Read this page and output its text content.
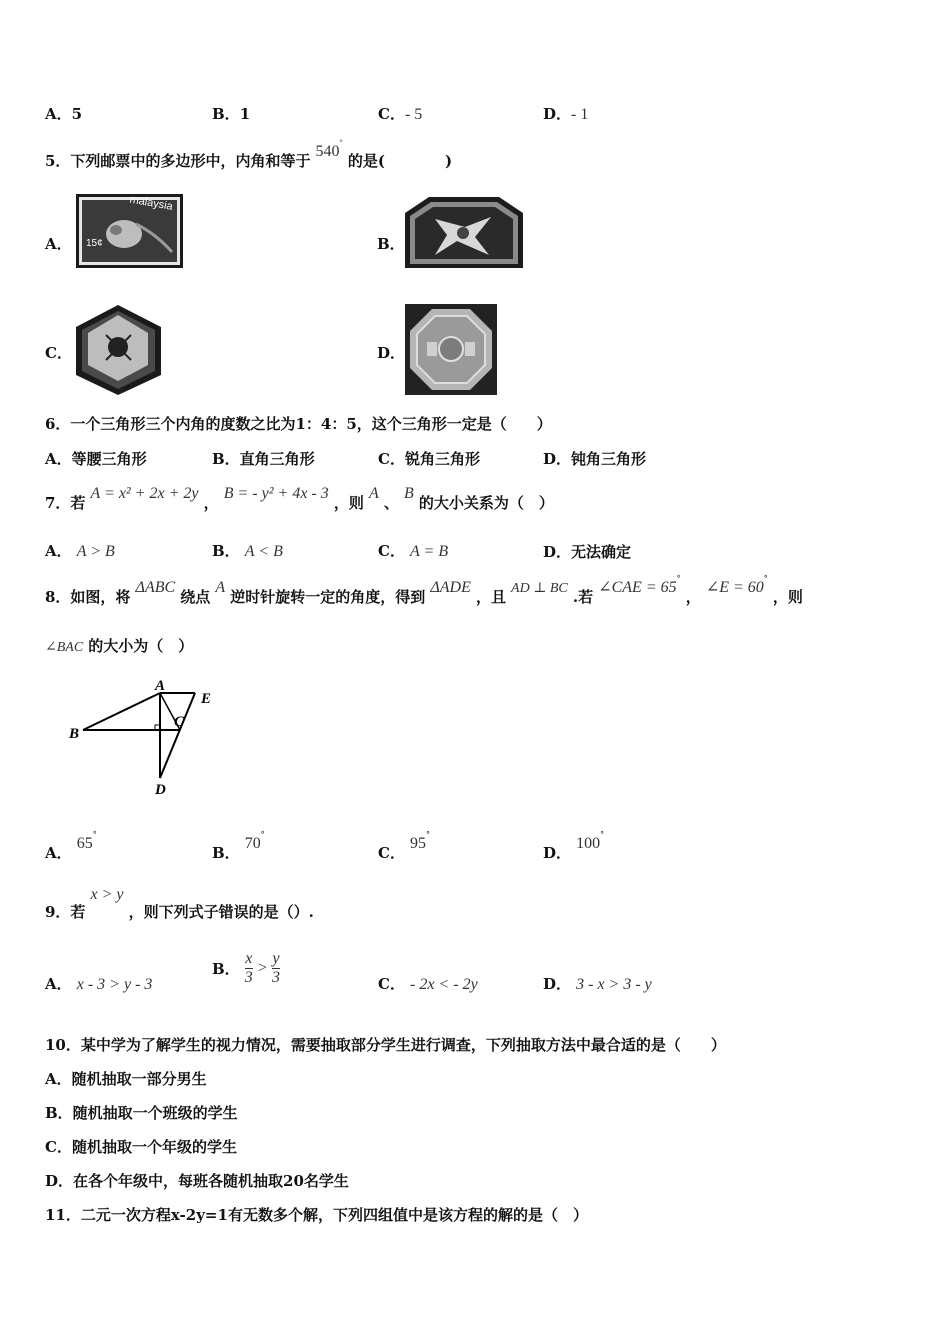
A．5	B．1	C．- 5	D．- 1
5．下列邮票中的多边形中，内角和等于 540° 的是(　　　　)
A．
malaysia
15¢	B．
C．	D．
6．一个三角形三个内角的度数之比为1：4：5，这个三角形一定是（　　）
A．等腰三角形	B．直角三角形	C．锐角三角形	D．钝角三角形
7．若 A = x² + 2x + 2y ， B = - y² + 4x - 3 ，则 A 、 B 的大小关系为（　）
A． A > B	B． A < B	C． A = B	D．无法确定
8．如图，将 ΔABC 绕点 A 逆时针旋转一定的角度，得到 ΔADE ，且 AD ⊥ BC .若 ∠CAE = 65° ， ∠E = 60° ，则
∠BAC 的大小为（　）
A
E
B
C
D
A． 65°
B． 70°
C． 95°
D． 100°
9．若 x > y ，则下列式子错误的是（）.
A． x - 3 > y - 3
B． $\frac{x}{3} > \frac{y}{3}$	C． - 2x < - 2y	D． 3 - x > 3 - y
10．某中学为了解学生的视力情况，需要抽取部分学生进行调查，下列抽取方法中最合适的是（　　）
A．随机抽取一部分男生
B．随机抽取一个班级的学生
C．随机抽取一个年级的学生
D．在各个年级中，每班各随机抽取20名学生
11．二元一次方程x-2y=1有无数多个解，下列四组值中是该方程的解的是（　）
